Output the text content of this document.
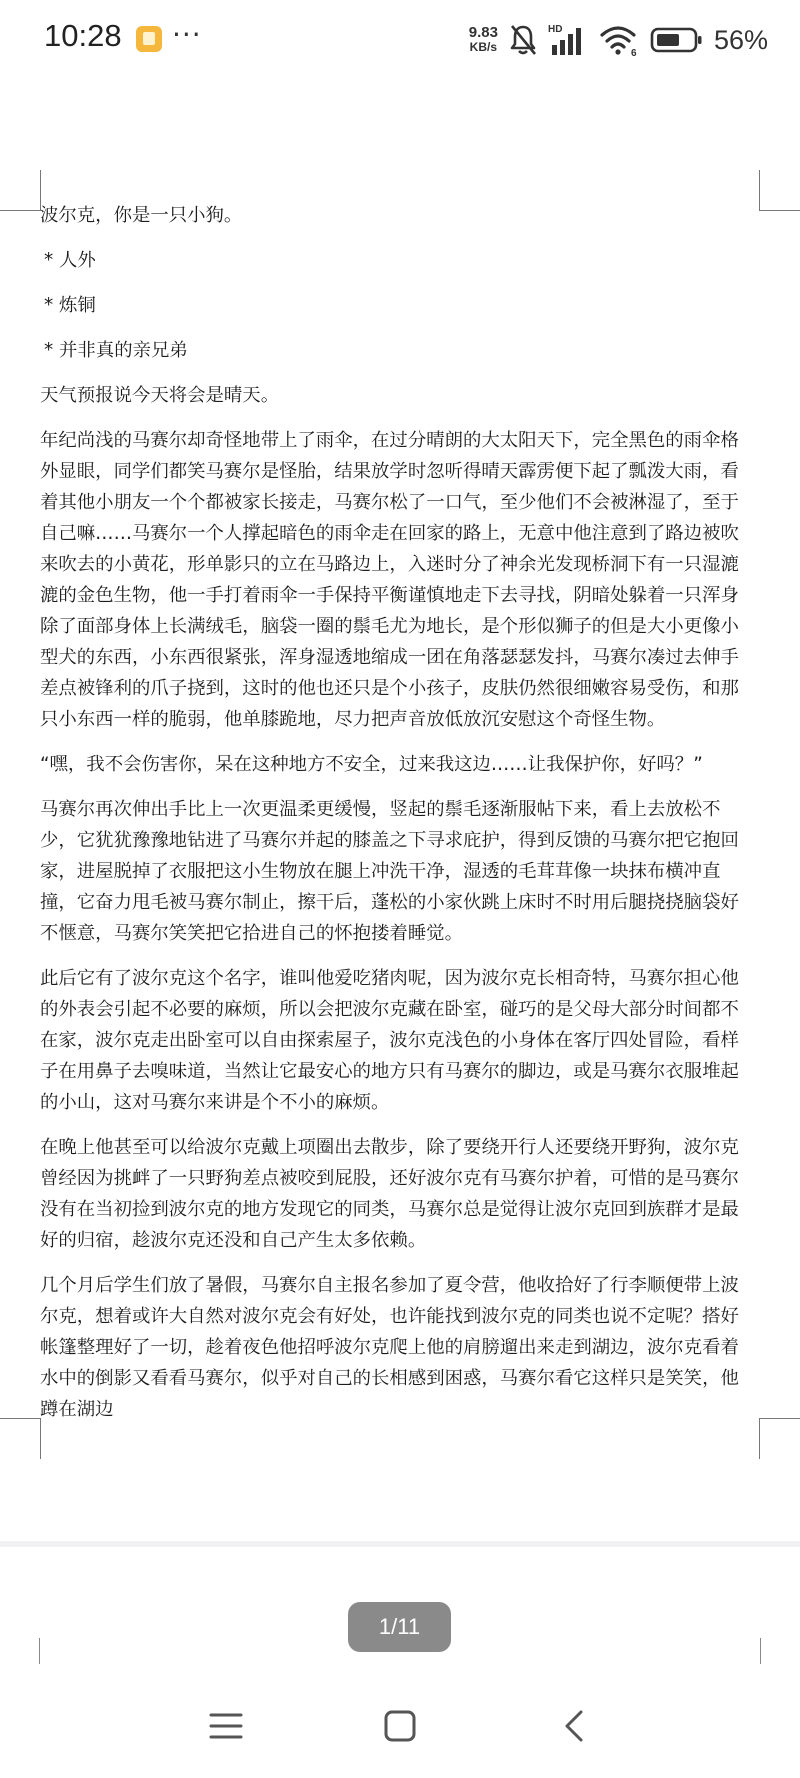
10:28 ···	9.83
KB/s
HD
6	56%

波尔克，你是一只小狗。

* 人外

* 炼铜

* 并非真的亲兄弟

天气预报说今天将会是晴天。

年纪尚浅的马赛尔却奇怪地带上了雨伞，在过分晴朗的大太阳天下，完全黑色的雨伞格外显眼，同学们都笑马赛尔是怪胎，结果放学时忽听得晴天霹雳便下起了瓢泼大雨，看着其他小朋友一个个都被家长接走，马赛尔松了一口气，至少他们不会被淋湿了，至于自己嘛……马赛尔一个人撑起暗色的雨伞走在回家的路上，无意中他注意到了路边被吹来吹去的小黄花，形单影只的立在马路边上，入迷时分了神余光发现桥洞下有一只湿漉漉的金色生物，他一手打着雨伞一手保持平衡谨慎地走下去寻找，阴暗处躲着一只浑身除了面部身体上长满绒毛，脑袋一圈的鬃毛尤为地长，是个形似狮子的但是大小更像小型犬的东西，小东西很紧张，浑身湿透地缩成一团在角落瑟瑟发抖，马赛尔凑过去伸手差点被锋利的爪子挠到，这时的他也还只是个小孩子，皮肤仍然很细嫩容易受伤，和那只小东西一样的脆弱，他单膝跪地，尽力把声音放低放沉安慰这个奇怪生物。

“嘿，我不会伤害你，呆在这种地方不安全，过来我这边……让我保护你，好吗？”

马赛尔再次伸出手比上一次更温柔更缓慢，竖起的鬃毛逐渐服帖下来，看上去放松不少，它犹犹豫豫地钻进了马赛尔并起的膝盖之下寻求庇护，得到反馈的马赛尔把它抱回家，进屋脱掉了衣服把这小生物放在腿上冲洗干净，湿透的毛茸茸像一块抹布横冲直撞，它奋力甩毛被马赛尔制止，擦干后，蓬松的小家伙跳上床时不时用后腿挠挠脑袋好不惬意，马赛尔笑笑把它拾进自己的怀抱搂着睡觉。

此后它有了波尔克这个名字，谁叫他爱吃猪肉呢，因为波尔克长相奇特，马赛尔担心他的外表会引起不必要的麻烦，所以会把波尔克藏在卧室，碰巧的是父母大部分时间都不在家，波尔克走出卧室可以自由探索屋子，波尔克浅色的小身体在客厅四处冒险，看样子在用鼻子去嗅味道，当然让它最安心的地方只有马赛尔的脚边，或是马赛尔衣服堆起的小山，这对马赛尔来讲是个不小的麻烦。

在晚上他甚至可以给波尔克戴上项圈出去散步，除了要绕开行人还要绕开野狗，波尔克曾经因为挑衅了一只野狗差点被咬到屁股，还好波尔克有马赛尔护着，可惜的是马赛尔没有在当初捡到波尔克的地方发现它的同类，马赛尔总是觉得让波尔克回到族群才是最好的归宿，趁波尔克还没和自己产生太多依赖。

几个月后学生们放了暑假，马赛尔自主报名参加了夏令营，他收拾好了行李顺便带上波尔克，想着或许大自然对波尔克会有好处，也许能找到波尔克的同类也说不定呢？搭好帐篷整理好了一切，趁着夜色他招呼波尔克爬上他的肩膀遛出来走到湖边，波尔克看着水中的倒影又看看马赛尔，似乎对自己的长相感到困惑，马赛尔看它这样只是笑笑，他蹲在湖边

1/11
